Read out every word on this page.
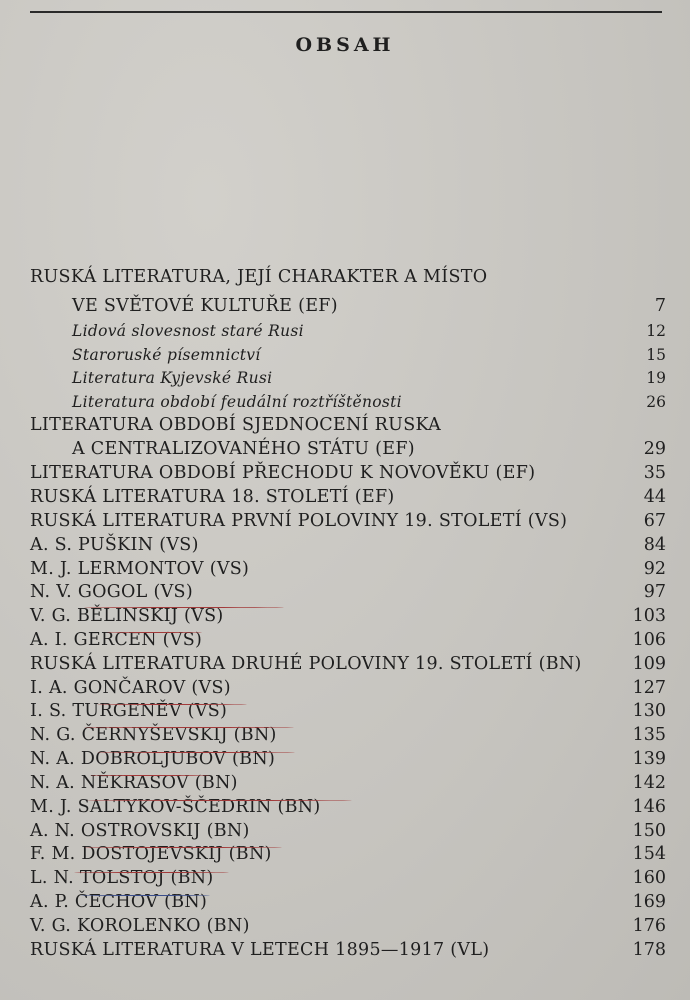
OBSAH
RUSKÁ LITERATURA, JEJÍ CHARAKTER A MÍSTO
VE SVĚTOVÉ KULTUŘE (EF)	7
Lidová slovesnost staré Rusi	12
Staroruské písemnictví	15
Literatura Kyjevské Rusi	19
Literatura období feudální roztříštěnosti	26
LITERATURA OBDOBÍ SJEDNOCENÍ RUSKA
A CENTRALIZOVANÉHO STÁTU (EF)	29
LITERATURA OBDOBÍ PŘECHODU K NOVOVĚKU (EF)	35
RUSKÁ LITERATURA 18. STOLETÍ (EF)	44
RUSKÁ LITERATURA PRVNÍ POLOVINY 19. STOLETÍ (VS)	67
A. S. PUŠKIN (VS)	84
M. J. LERMONTOV (VS)	92
N. V. GOGOL (VS)	97
V. G. BĚLINSKIJ (VS)	103
A. I. GERCEN (VS)	106
RUSKÁ LITERATURA DRUHÉ POLOVINY 19. STOLETÍ (BN)	109
I. A. GONČAROV (VS)	127
I. S. TURGENĚV (VS)	130
N. G. ČERNYŠEVSKIJ (BN)	135
N. A. DOBROLJUBOV (BN)	139
N. A. NĚKRASOV (BN)	142
M. J. SALTYKOV-ŠČEDRIN (BN)	146
A. N. OSTROVSKIJ (BN)	150
F. M. DOSTOJEVSKIJ (BN)	154
L. N. TOLSTOJ (BN)	160
A. P. ČECHOV (BN)	169
V. G. KOROLENKO (BN)	176
RUSKÁ LITERATURA V LETECH 1895—1917 (VL)	178
